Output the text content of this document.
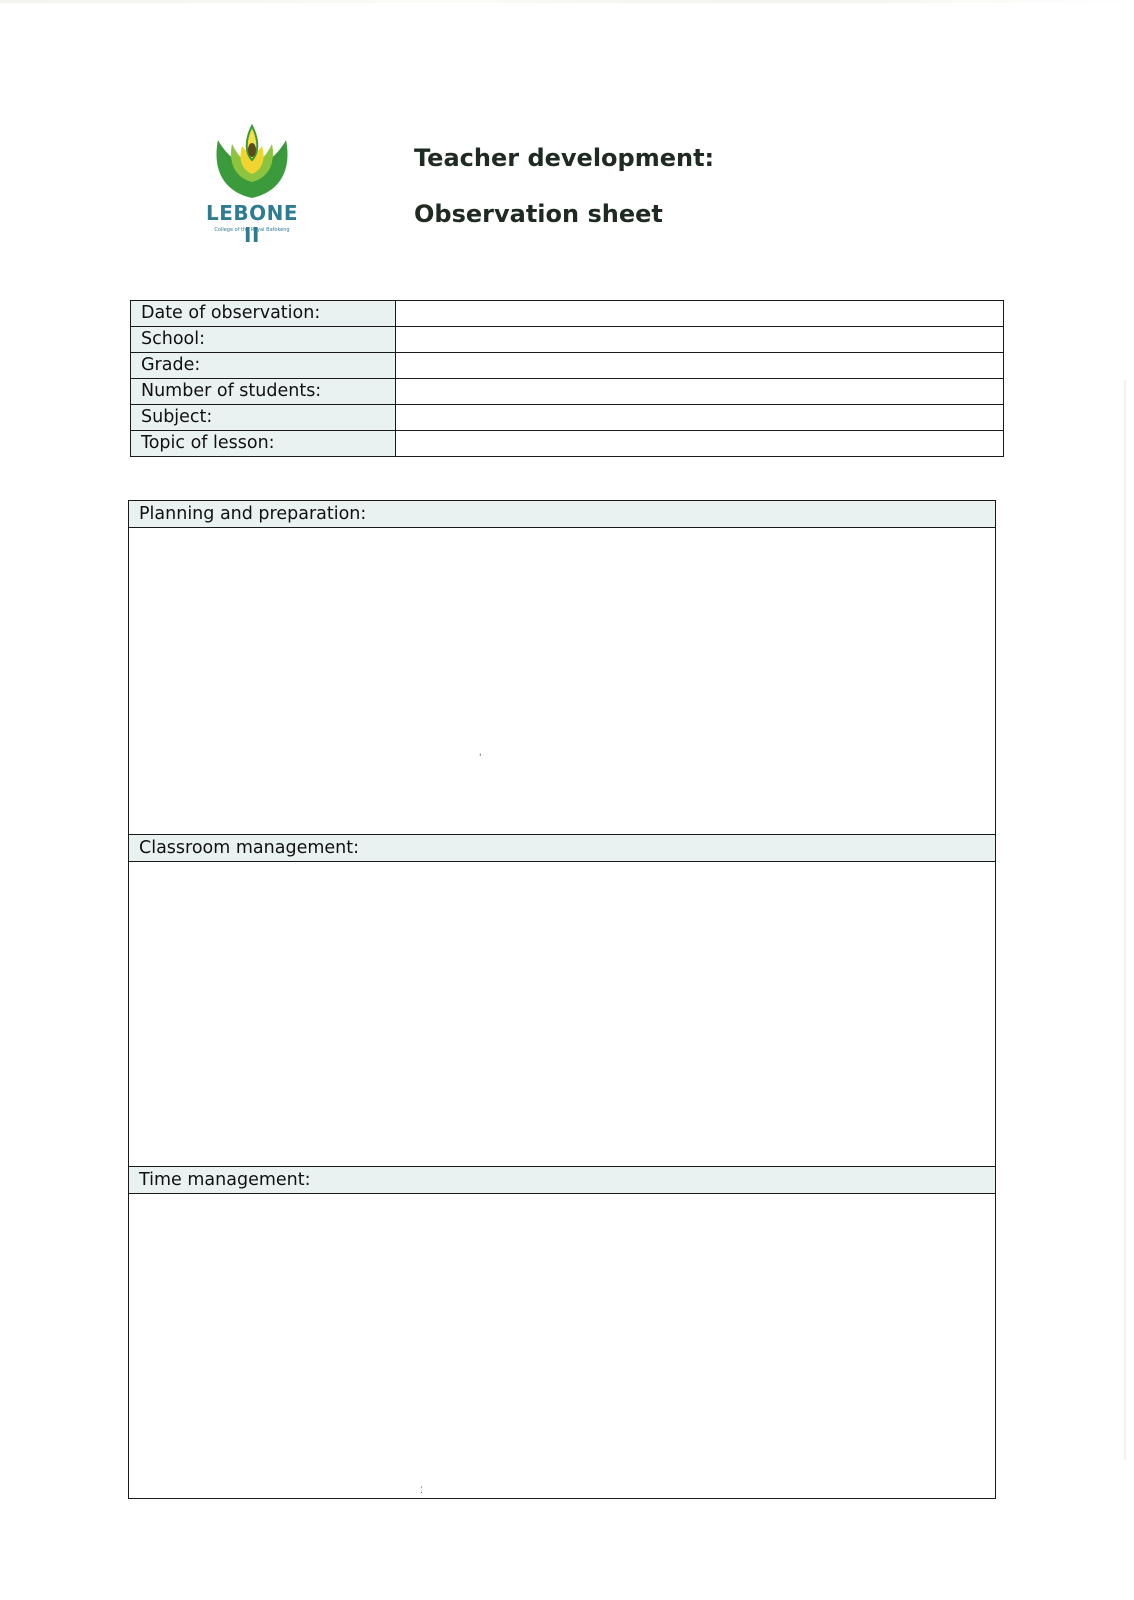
LEBONE II
College of the Royal Bafokeng
Teacher development:
Observation sheet
Date of observation:	
School:	
Grade:	
Number of students:	
Subject:	
Topic of lesson:	
Planning and preparation:
Classroom management:
Time management:
'
⁚
